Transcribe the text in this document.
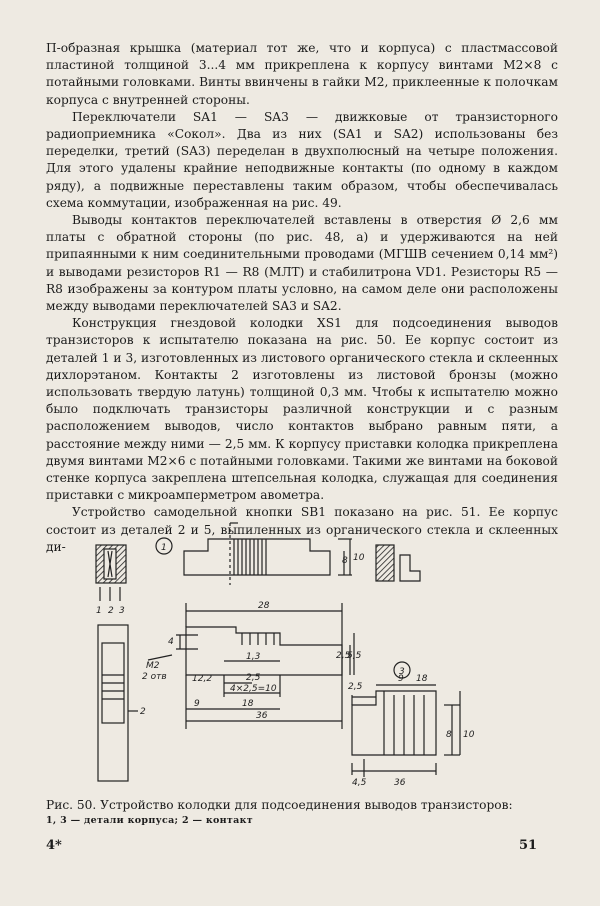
П-образная крышка (материал тот же, что и корпуса) с пластмассовой пластиной толщиной 3...4 мм прикреплена к корпусу винтами М2×8 с потайными головками. Винты ввинчены в гайки М2, приклеенные к полочкам корпуса с внутренней стороны.

Переключатели SA1 — SA3 — движковые от транзисторного радиоприемника «Сокол». Два из них (SA1 и SA2) использованы без переделки, третий (SA3) переделан в двухполюсный на четыре положения. Для этого удалены крайние неподвижные контакты (по одному в каждом ряду), а подвижные переставлены таким образом, чтобы обеспечивалась схема коммутации, изображенная на рис. 49.

Выводы контактов переключателей вставлены в отверстия Ø 2,6 мм платы с обратной стороны (по рис. 48, а) и удерживаются на ней припаянными к ним соединительными проводами (МГШВ сечением 0,14 мм²) и выводами резисторов R1 — R8 (МЛТ) и стабилитрона VD1. Резисторы R5 — R8 изображены за контуром платы условно, на самом деле они расположены между выводами переключателей SA3 и SA2.

Конструкция гнездовой колодки XS1 для подсоединения выводов транзисторов к испытателю показана на рис. 50. Ее корпус состоит из деталей 1 и 3, изготовленных из листового органического стекла и склеенных дихлорэтаном. Контакты 2 изготовлены из листовой бронзы (можно использовать твердую латунь) толщиной 0,3 мм. Чтобы к испытателю можно было подключать транзисторы различной конструкции и с разным расположением выводов, число контактов выбрано равным пяти, а расстояние между ними — 2,5 мм. К корпусу приставки колодка прикреплена двумя винтами М2×6 с потайными головками. Такими же винтами на боковой стенке корпуса закреплена штепсельная колодка, служащая для соединения приставки с микроамперметром авометра.

Устройство самодельной кнопки SB1 показано на рис. 51. Ее корпус состоит из деталей 2 и 5, выпиленных из органического стекла и склеенных ди-	1
3
1 2 3
2
8 10
28
4
М2
2 отв
1,3
2,5
12,2
4×2,5=10
9	18
36
2,5
5,5
2,5
9 18
8 10
4,5	36
Рис. 50. Устройство колодки для подсоединения выводов транзисторов:
1, 3 — детали корпуса; 2 — контакт
4*	51
